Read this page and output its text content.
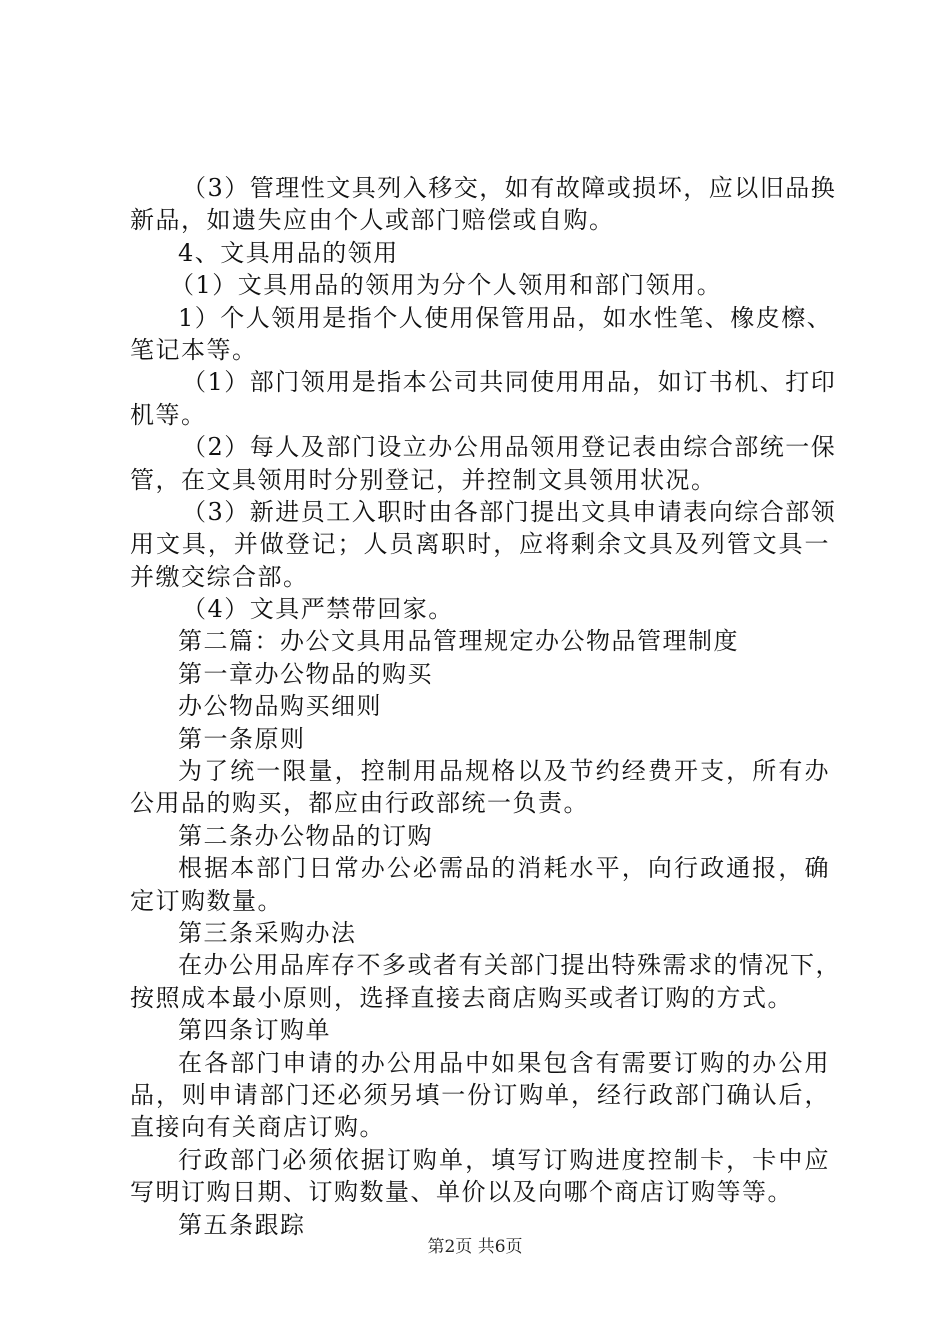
（3）管理性文具列入移交，如有故障或损坏，应以旧品换
新品，如遗失应由个人或部门赔偿或自购。
4、文具用品的领用
（1）文具用品的领用为分个人领用和部门领用。
1）个人领用是指个人使用保管用品，如水性笔、橡皮檫、
笔记本等。
（1）部门领用是指本公司共同使用用品，如订书机、打印
机等。
（2）每人及部门设立办公用品领用登记表由综合部统一保
管，在文具领用时分别登记，并控制文具领用状况。
（3）新进员工入职时由各部门提出文具申请表向综合部领
用文具，并做登记；人员离职时，应将剩余文具及列管文具一
并缴交综合部。
（4）文具严禁带回家。
第二篇：办公文具用品管理规定办公物品管理制度
第一章办公物品的购买
办公物品购买细则
第一条原则
为了统一限量，控制用品规格以及节约经费开支，所有办
公用品的购买，都应由行政部统一负责。
第二条办公物品的订购
根据本部门日常办公必需品的消耗水平，向行政通报，确
定订购数量。
第三条采购办法
在办公用品库存不多或者有关部门提出特殊需求的情况下，
按照成本最小原则，选择直接去商店购买或者订购的方式。
第四条订购单
在各部门申请的办公用品中如果包含有需要订购的办公用
品，则申请部门还必须另填一份订购单，经行政部门确认后，
直接向有关商店订购。
行政部门必须依据订购单，填写订购进度控制卡，卡中应
写明订购日期、订购数量、单价以及向哪个商店订购等等。
第五条跟踪
第2页 共6页
